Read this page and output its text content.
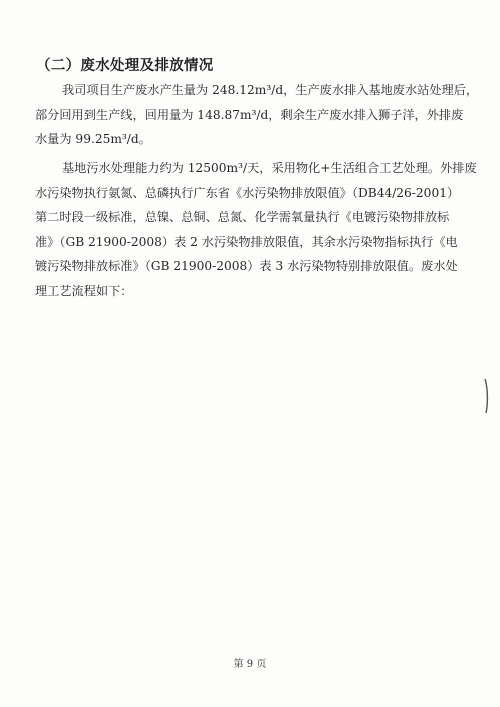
（二）废水处理及排放情况
我司项目生产废水产生量为 248.12m³/d，生产废水排入基地废水站处理后，
部分回用到生产线，回用量为 148.87m³/d，剩余生产废水排入狮子洋，外排废
水量为 99.25m³/d。
基地污水处理能力约为 12500m³/天，采用物化+生活组合工艺处理。外排废
水污染物执行氨氮、总磷执行广东省《水污染物排放限值》（DB44/26-2001）
第二时段一级标准，总镍、总铜、总氮、化学需氧量执行《电镀污染物排放标
准》（GB 21900-2008）表 2 水污染物排放限值，其余水污染物指标执行《电
镀污染物排放标准》（GB 21900-2008）表 3 水污染物特别排放限值。废水处
理工艺流程如下：
第 9 页
